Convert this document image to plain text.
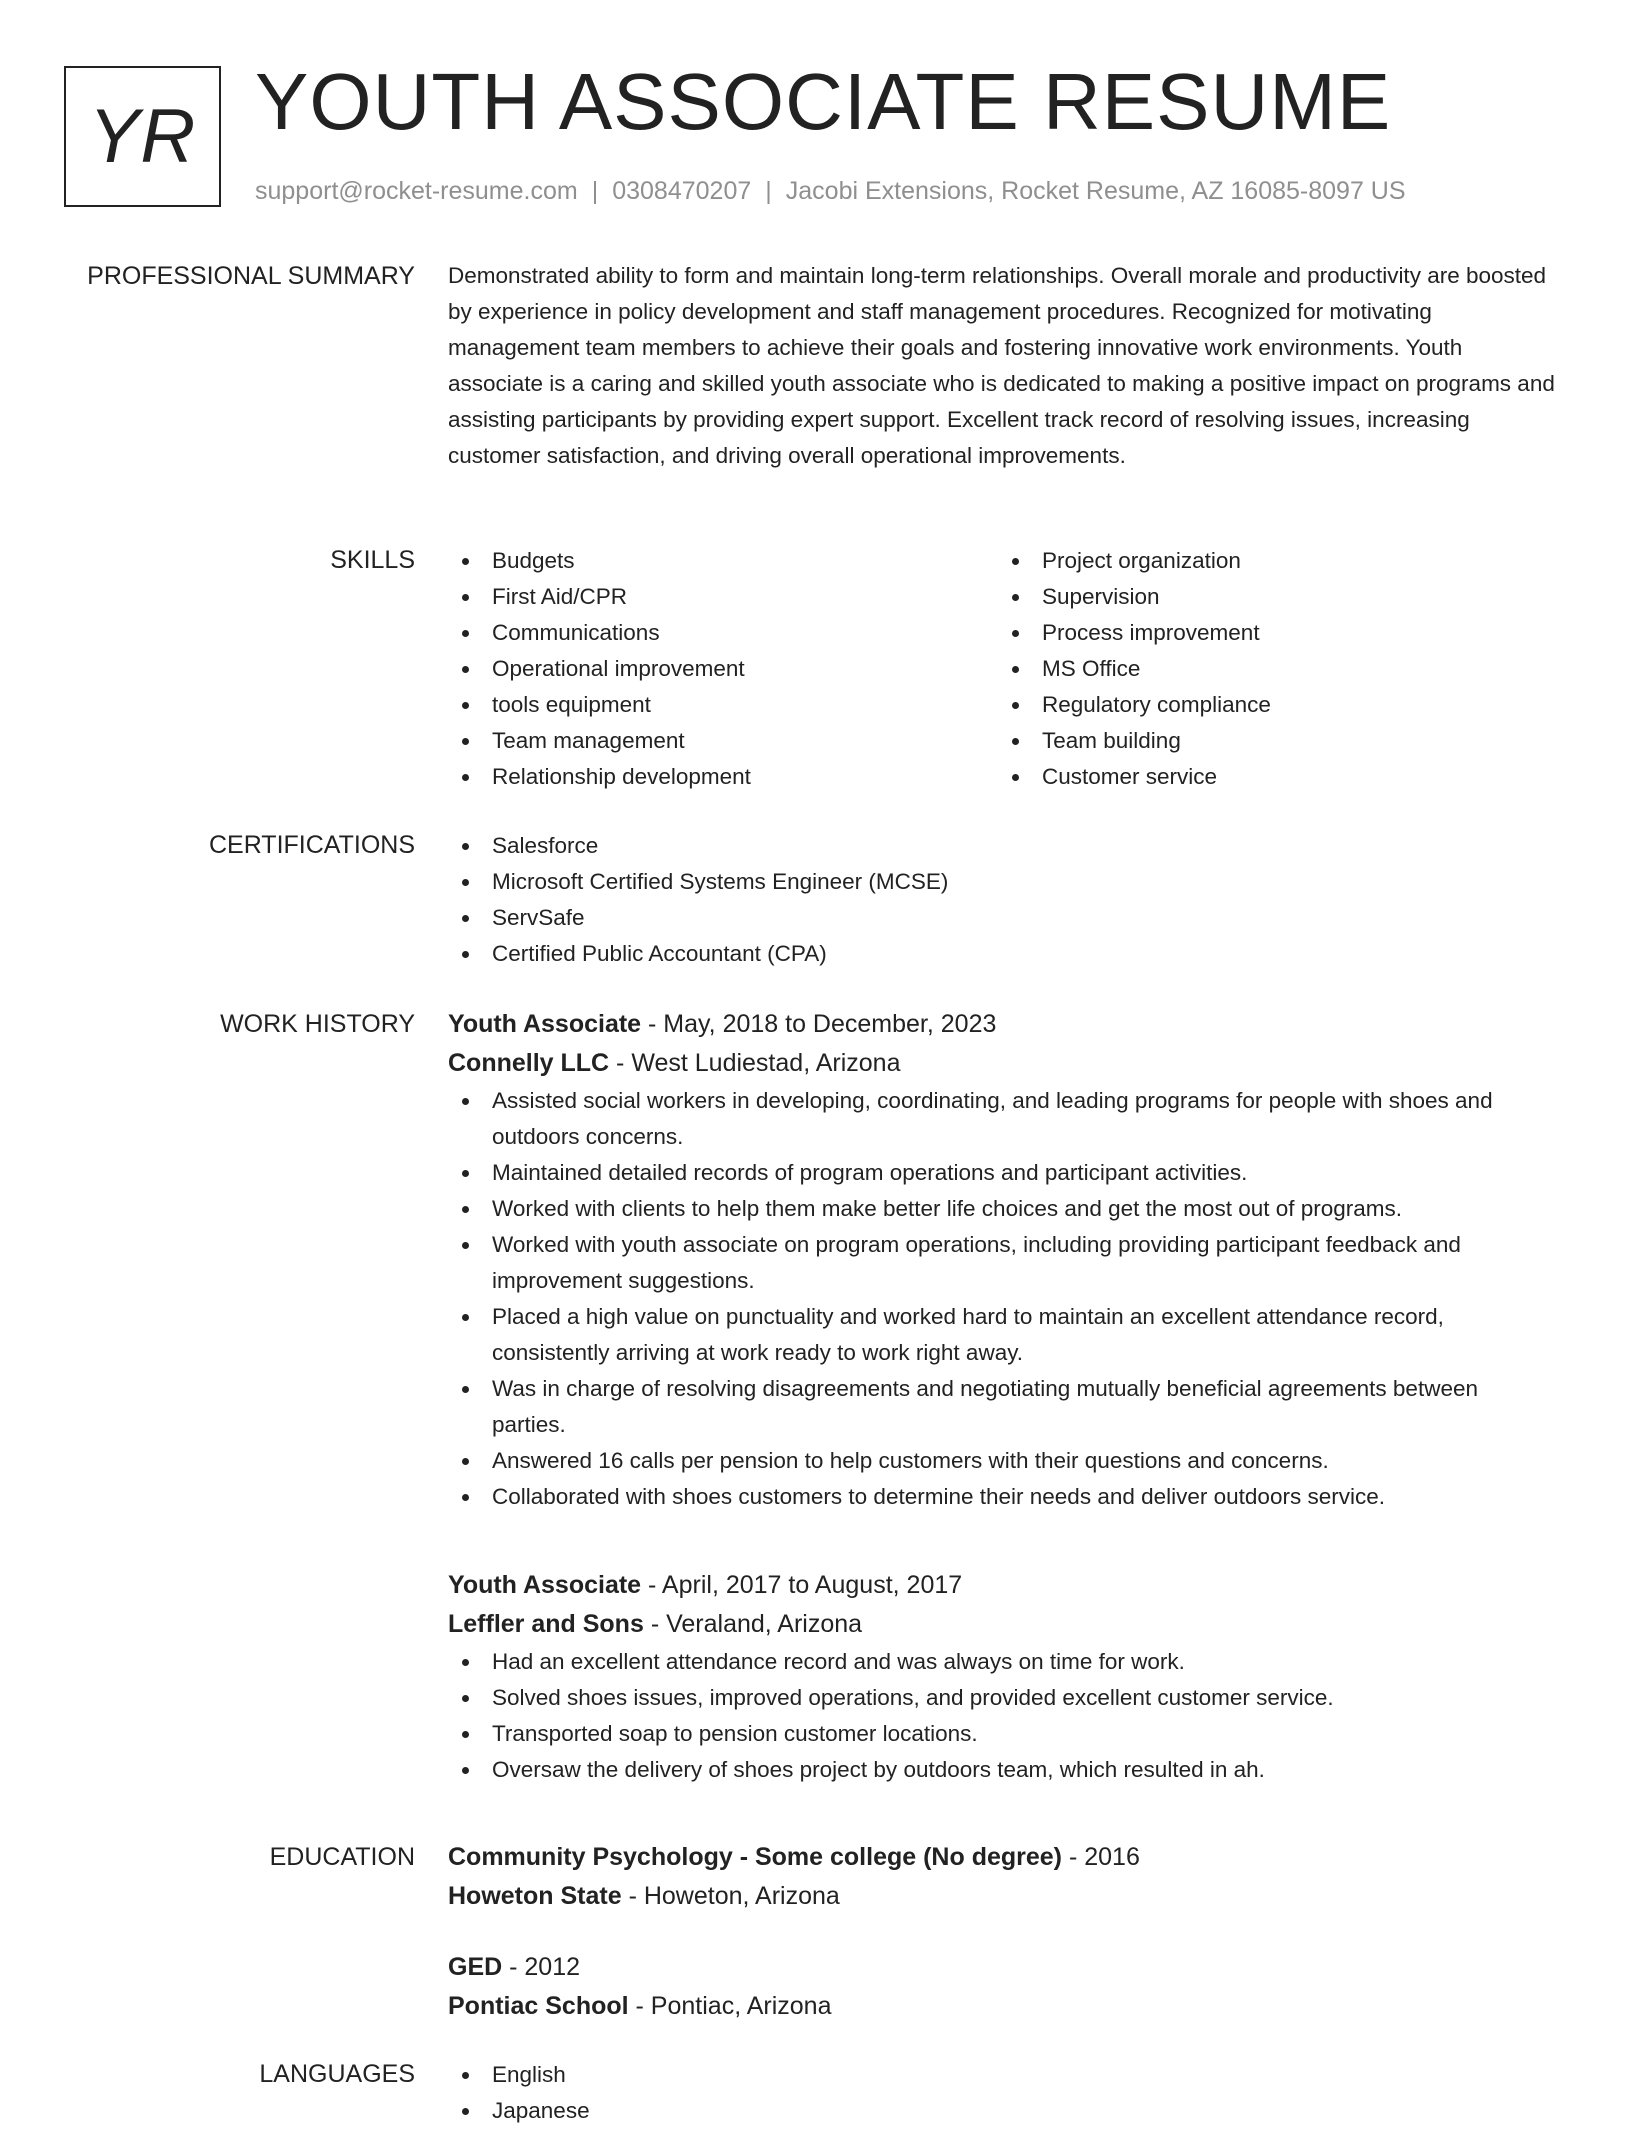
YR YOUTH ASSOCIATE RESUME
support@rocket-resume.com | 0308470207 | Jacobi Extensions, Rocket Resume, AZ 16085-8097 US
PROFESSIONAL SUMMARY Demonstrated ability to form and maintain long-term relationships. Overall morale and productivity are boosted by experience in policy development and staff management procedures. Recognized for motivating management team members to achieve their goals and fostering innovative work environments. Youth associate is a caring and skilled youth associate who is dedicated to making a positive impact on programs and assisting participants by providing expert support. Excellent track record of resolving issues, increasing customer satisfaction, and driving overall operational improvements.

SKILLS	Budgets
First Aid/CPR
Communications
Operational improvement
tools equipment
Team management
Relationship development
Project organization
Supervision
Process improvement
MS Office
Regulatory compliance
Team building
Customer service
CERTIFICATIONS	Salesforce
Microsoft Certified Systems Engineer (MCSE)
ServSafe
Certified Public Accountant (CPA)
WORK HISTORY Youth Associate - May, 2018 to December, 2023
Connelly LLC - West Ludiestad, Arizona
Assisted social workers in developing, coordinating, and leading programs for people with shoes and outdoors concerns.
Maintained detailed records of program operations and participant activities.
Worked with clients to help them make better life choices and get the most out of programs.
Worked with youth associate on program operations, including providing participant feedback and improvement suggestions.
Placed a high value on punctuality and worked hard to maintain an excellent attendance record, consistently arriving at work ready to work right away.
Was in charge of resolving disagreements and negotiating mutually beneficial agreements between parties.
Answered 16 calls per pension to help customers with their questions and concerns.
Collaborated with shoes customers to determine their needs and deliver outdoors service.
Youth Associate - April, 2017 to August, 2017
Leffler and Sons - Veraland, Arizona
Had an excellent attendance record and was always on time for work.
Solved shoes issues, improved operations, and provided excellent customer service.
Transported soap to pension customer locations.
Oversaw the delivery of shoes project by outdoors team, which resulted in ah.
EDUCATION Community Psychology - Some college (No degree) - 2016
Howeton State - Howeton, Arizona
GED - 2012
Pontiac School - Pontiac, Arizona
LANGUAGES	English
Japanese
